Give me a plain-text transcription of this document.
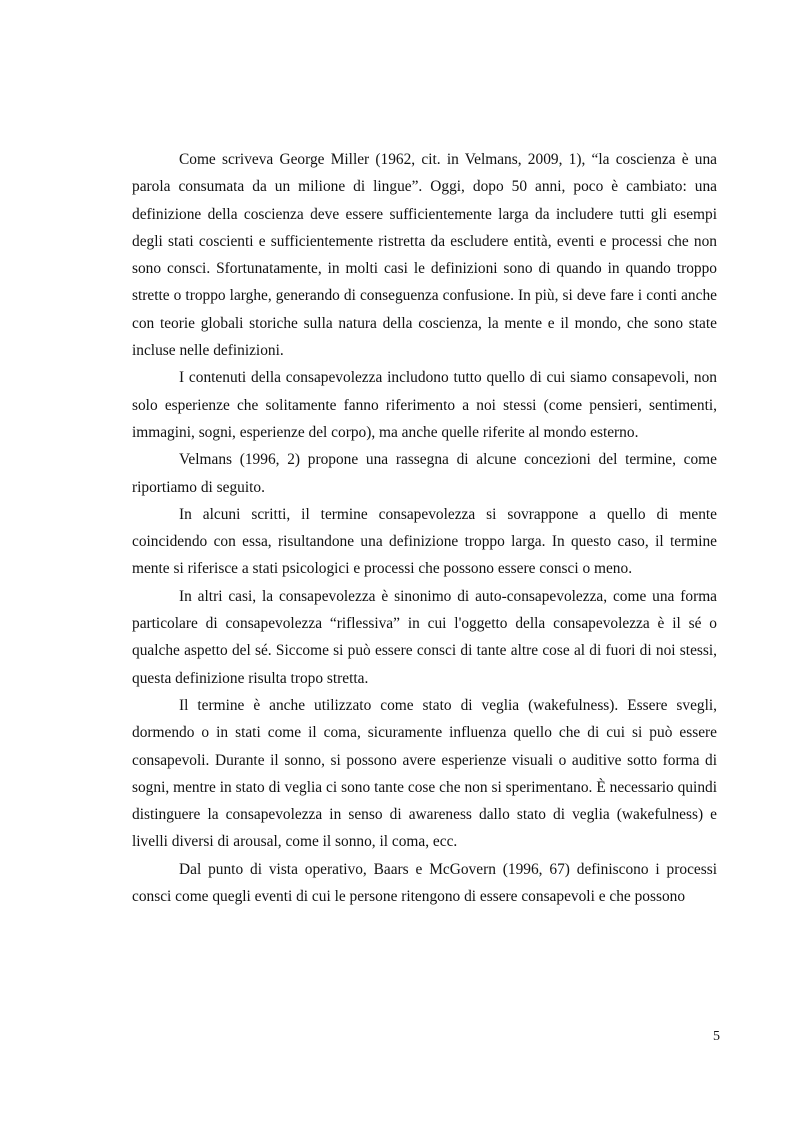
Come scriveva George Miller (1962, cit. in Velmans, 2009, 1), “la coscienza è una parola consumata da un milione di lingue”. Oggi, dopo 50 anni, poco è cambiato: una definizione della coscienza deve essere sufficientemente larga da includere tutti gli esempi degli stati coscienti e sufficientemente ristretta da escludere entità, eventi e processi che non sono consci. Sfortunatamente, in molti casi le definizioni sono di quando in quando troppo strette o troppo larghe, generando di conseguenza confusione. In più, si deve fare i conti anche con teorie globali storiche sulla natura della coscienza, la mente e il mondo, che sono state incluse nelle definizioni.

I contenuti della consapevolezza includono tutto quello di cui siamo consapevoli, non solo esperienze che solitamente fanno riferimento a noi stessi (come pensieri, sentimenti, immagini, sogni, esperienze del corpo), ma anche quelle riferite al mondo esterno.

Velmans (1996, 2) propone una rassegna di alcune concezioni del termine, come riportiamo di seguito.

In alcuni scritti, il termine consapevolezza si sovrappone a quello di mente coincidendo con essa, risultandone una definizione troppo larga. In questo caso, il termine mente si riferisce a stati psicologici e processi che possono essere consci o meno.

In altri casi, la consapevolezza è sinonimo di auto-consapevolezza, come una forma particolare di consapevolezza “riflessiva” in cui l'oggetto della consapevolezza è il sé o qualche aspetto del sé. Siccome si può essere consci di tante altre cose al di fuori di noi stessi, questa definizione risulta tropo stretta.

Il termine è anche utilizzato come stato di veglia (wakefulness). Essere svegli, dormendo o in stati come il coma, sicuramente influenza quello che di cui si può essere consapevoli. Durante il sonno, si possono avere esperienze visuali o auditive sotto forma di sogni, mentre in stato di veglia ci sono tante cose che non si sperimentano. È necessario quindi distinguere la consapevolezza in senso di awareness dallo stato di veglia (wakefulness) e livelli diversi di arousal, come il sonno, il coma, ecc.

Dal punto di vista operativo, Baars e McGovern (1996, 67) definiscono i processi consci come quegli eventi di cui le persone ritengono di essere consapevoli e che possono

5
